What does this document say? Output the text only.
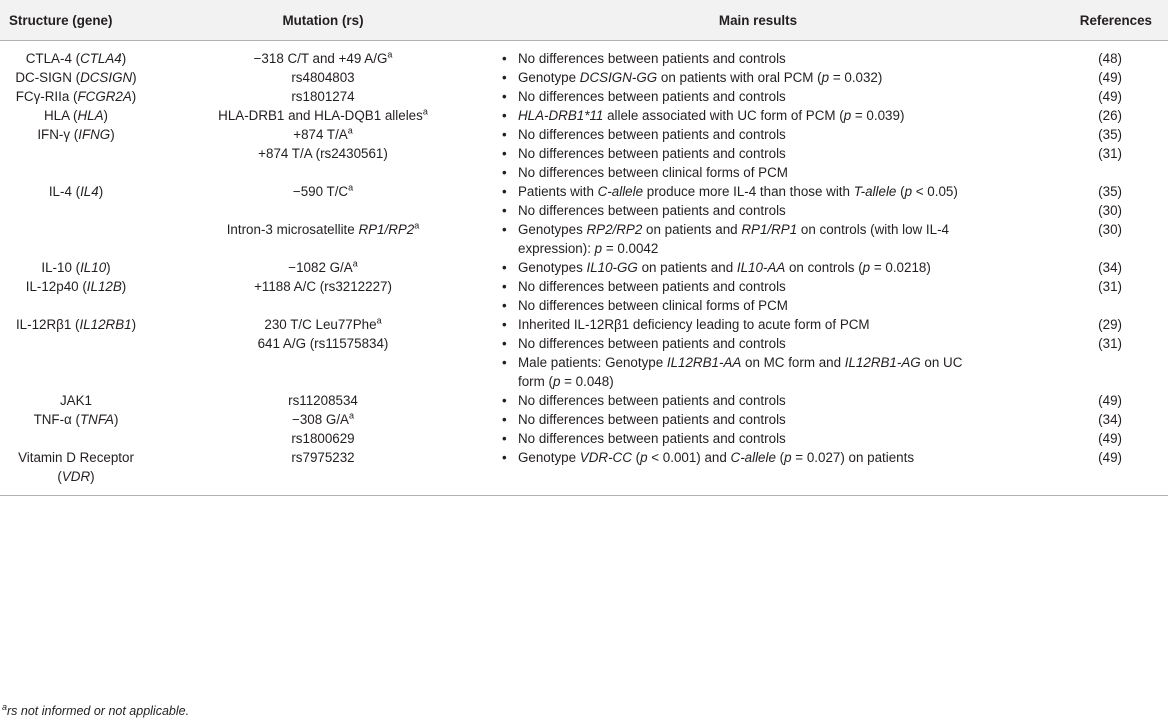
Structure (gene)	Mutation (rs)	Main results	References
CTLA-4 (CTLA4)	−318 C/T and +49 $A/G^a$	• No differences between patients and controls	(48)
DC-SIGN (DCSIGN)	rs4804803	• Genotype DCSIGN-GG on patients with oral PCM (p = 0.032)	(49)
FCγ-RIIa (FCGR2A)	rs1801274	• No differences between patients and controls	(49)
HLA (HLA)	HLA-DRB1 and HLA-DQB1 alleles$^a$	• HLA-DRB1*11 allele associated with UC form of PCM (p = 0.039)	(26)
IFN-γ (IFNG)	+874 $T/A^a$	• No differences between patients and controls	(35)
	+874 T/A (rs2430561)	• No differences between patients and controls	(31)

		• No differences between clinical forms of PCM	

IL-4 (IL4)	−590 $T/C^a$	• Patients with C-allele produce more IL-4 than those with T-allele (p < 0.05)	(35)

		• No differences between patients and controls	(30)
	Intron-3 microsatellite RP1/RP2$^a$	• Genotypes RP2/RP2 on patients and RP1/RP1 on controls (with low IL-4 expression): p = 0.0042	(30)
IL-10 (IL10)	−1082 $G/A^a$	• Genotypes IL10-GG on patients and IL10-AA on controls (p = 0.0218)	(34)
IL-12p40 (IL12B)	+1188 A/C (rs3212227)	• No differences between patients and controls	(31)

		• No differences between clinical forms of PCM	

IL-12Rβ1 (IL12RB1)	230 T/C Leu77Phe$^a$	• Inherited IL-12Rβ1 deficiency leading to acute form of PCM	(29)
	641 A/G (rs11575834)	• No differences between patients and controls	(31)

		• Male patients: Genotype IL12RB1-AA on MC form and IL12RB1-AG on UC form (p = 0.048)	

JAK1	rs11208534	• No differences between patients and controls	(49)
TNF-α (TNFA)	−308 $G/A^a$	• No differences between patients and controls	(34)
	rs1800629	• No differences between patients and controls	(49)
Vitamin D Receptor (VDR)	rs7975232	• Genotype VDR-CC (p < 0.001) and C-allele (p = 0.027) on patients	(49)
$^a$rs not informed or not applicable.
